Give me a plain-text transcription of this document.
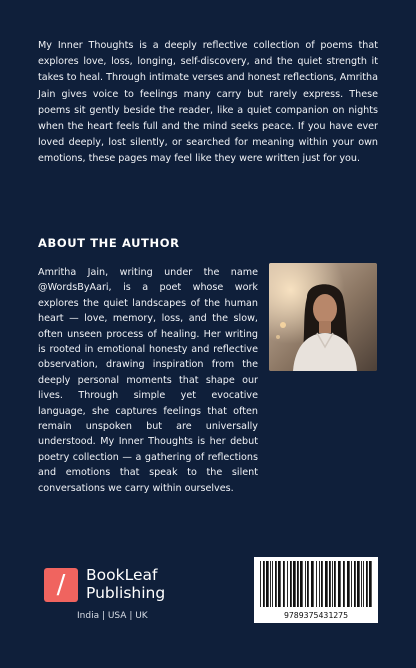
My Inner Thoughts is a deeply reflective collection of poems that explores love, loss, longing, self-discovery, and the quiet strength it takes to heal. Through intimate verses and honest reflections, Amritha Jain gives voice to feelings many carry but rarely express. These poems sit gently beside the reader, like a quiet companion on nights when the heart feels full and the mind seeks peace. If you have ever loved deeply, lost silently, or searched for meaning within your own emotions, these pages may feel like they were written just for you.

ABOUT THE AUTHOR

Amritha Jain, writing under the name @WordsByAari, is a poet whose work explores the quiet landscapes of the human heart — love, memory, loss, and the slow, often unseen process of healing. Her writing is rooted in emotional honesty and reflective observation, drawing inspiration from the deeply personal moments that shape our lives. Through simple yet evocative language, she captures feelings that often remain unspoken but are universally understood. My Inner Thoughts is her debut poetry collection — a gathering of reflections and emotions that speak to the silent conversations we carry within ourselves.

/	BookLeaf
Publishing
India | USA | UK	9789375431275
